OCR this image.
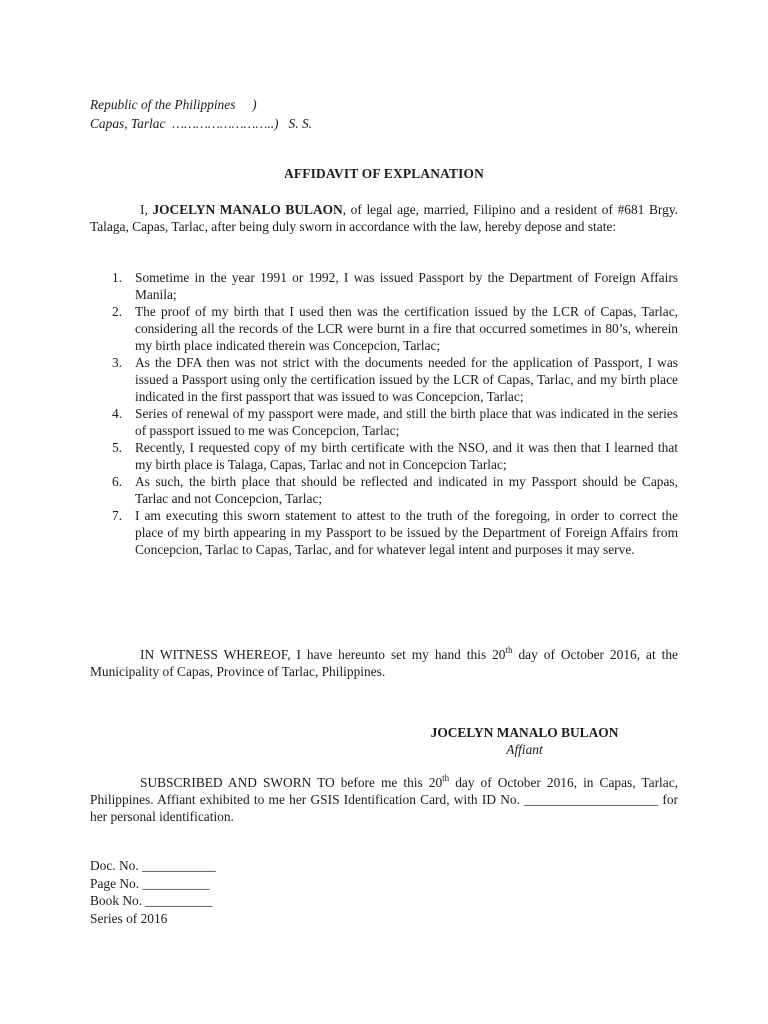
Republic of the Philippines     )
Capas, Tarlac  ……………………..)   S. S.
AFFIDAVIT OF EXPLANATION

I, JOCELYN MANALO BULAON, of legal age, married, Filipino and a resident of #681 Brgy. Talaga, Capas, Tarlac, after being duly sworn in accordance with the law, hereby depose and state:

1. Sometime in the year 1991 or 1992, I was issued Passport by the Department of Foreign Affairs Manila;
2. The proof of my birth that I used then was the certification issued by the LCR of Capas, Tarlac, considering all the records of the LCR were burnt in a fire that occurred sometimes in 80’s, wherein my birth place indicated therein was Concepcion, Tarlac;
3. As the DFA then was not strict with the documents needed for the application of Passport, I was issued a Passport using only the certification issued by the LCR of Capas, Tarlac, and my birth place indicated in the first passport that was issued to was Concepcion, Tarlac;
4. Series of renewal of my passport were made, and still the birth place that was indicated in the series of passport issued to me was Concepcion, Tarlac;
5. Recently, I requested copy of my birth certificate with the NSO, and it was then that I learned that my birth place is Talaga, Capas, Tarlac and not in Concepcion Tarlac;
6. As such, the birth place that should be reflected and indicated in my Passport should be Capas, Tarlac and not Concepcion, Tarlac;
7. I am executing this sworn statement to attest to the truth of the foregoing, in order to correct the place of my birth appearing in my Passport to be issued by the Department of Foreign Affairs from Concepcion, Tarlac to Capas, Tarlac, and for whatever legal intent and purposes it may serve.

IN WITNESS WHEREOF, I have hereunto set my hand this 20th day of October 2016, at the Municipality of Capas, Province of Tarlac, Philippines.

JOCELYN MANALO BULAON
Affiant

SUBSCRIBED AND SWORN TO before me this 20th day of October 2016, in Capas, Tarlac, Philippines. Affiant exhibited to me her GSIS Identification Card, with ID No. ____________________ for her personal identification.

Doc. No. ___________
Page No. __________
Book No. __________
Series of 2016
